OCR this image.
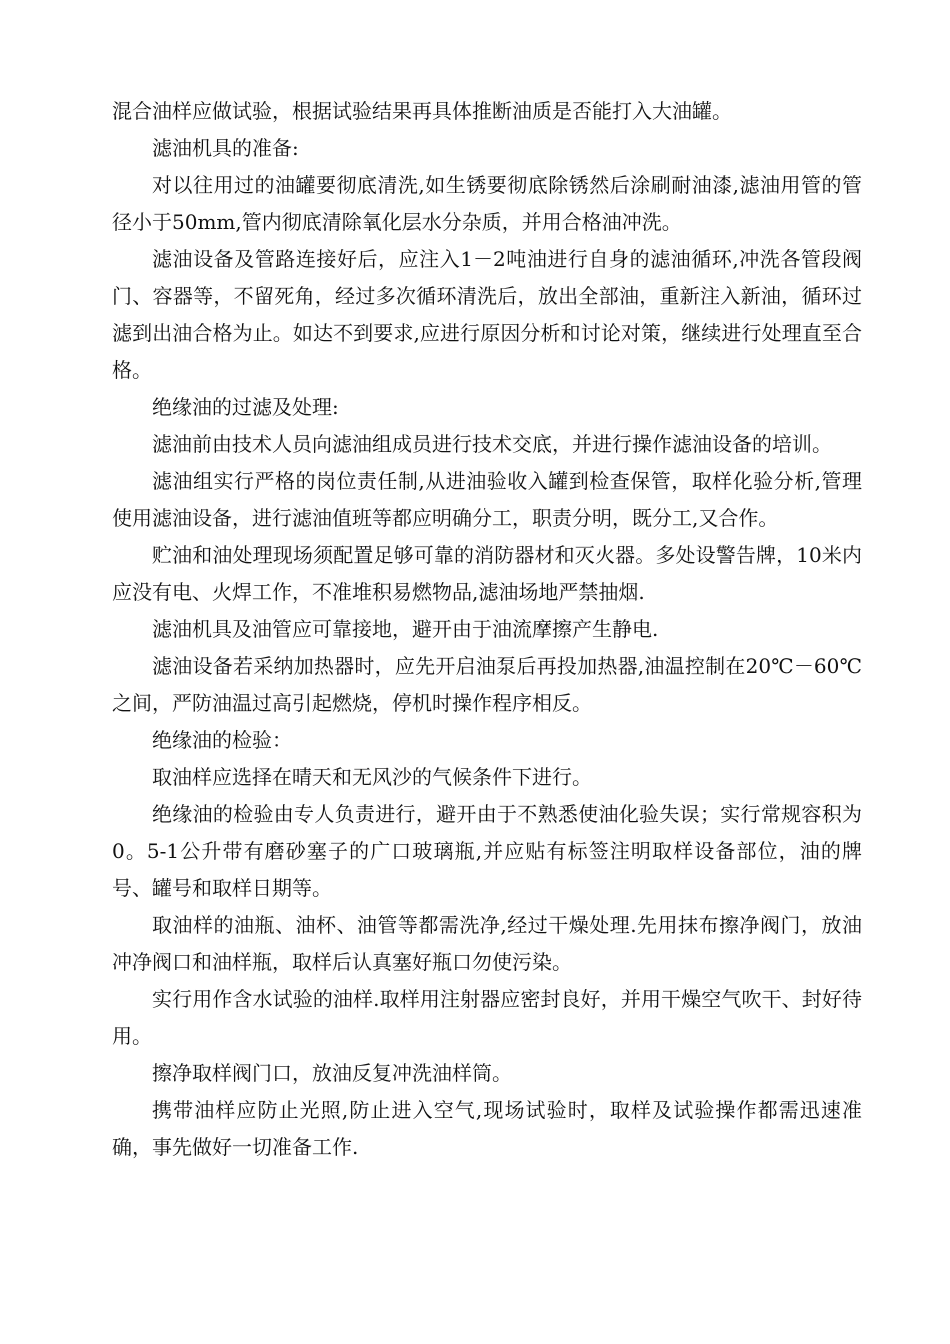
混合油样应做试验，根据试验结果再具体推断油质是否能打入大油罐。

滤油机具的准备:

对以往用过的油罐要彻底清洗,如生锈要彻底除锈然后涂刷耐油漆,滤油用管的管径小于50mm,管内彻底清除氧化层水分杂质，并用合格油冲洗。

滤油设备及管路连接好后，应注入1－2吨油进行自身的滤油循环,冲洗各管段阀门、容器等，不留死角，经过多次循环清洗后，放出全部油，重新注入新油，循环过滤到出油合格为止。如达不到要求,应进行原因分析和讨论对策，继续进行处理直至合格。

绝缘油的过滤及处理:

滤油前由技术人员向滤油组成员进行技术交底，并进行操作滤油设备的培训。

滤油组实行严格的岗位责任制,从进油验收入罐到检查保管，取样化验分析,管理使用滤油设备，进行滤油值班等都应明确分工，职责分明，既分工,又合作。

贮油和油处理现场须配置足够可靠的消防器材和灭火器。多处设警告牌，10米内应没有电、火焊工作，不准堆积易燃物品,滤油场地严禁抽烟.

滤油机具及油管应可靠接地，避开由于油流摩擦产生静电.

滤油设备若采纳加热器时，应先开启油泵后再投加热器,油温控制在20℃－60℃之间，严防油温过高引起燃烧，停机时操作程序相反。

绝缘油的检验：

取油样应选择在晴天和无风沙的气候条件下进行。

绝缘油的检验由专人负责进行，避开由于不熟悉使油化验失误；实行常规容积为0。5-1公升带有磨砂塞子的广口玻璃瓶,并应贴有标签注明取样设备部位，油的牌号、罐号和取样日期等。

取油样的油瓶、油杯、油管等都需洗净,经过干燥处理.先用抹布擦净阀门，放油冲净阀口和油样瓶，取样后认真塞好瓶口勿使污染。

实行用作含水试验的油样.取样用注射器应密封良好，并用干燥空气吹干、封好待用。

擦净取样阀门口，放油反复冲洗油样筒。

携带油样应防止光照,防止进入空气,现场试验时，取样及试验操作都需迅速准确，事先做好一切准备工作.
